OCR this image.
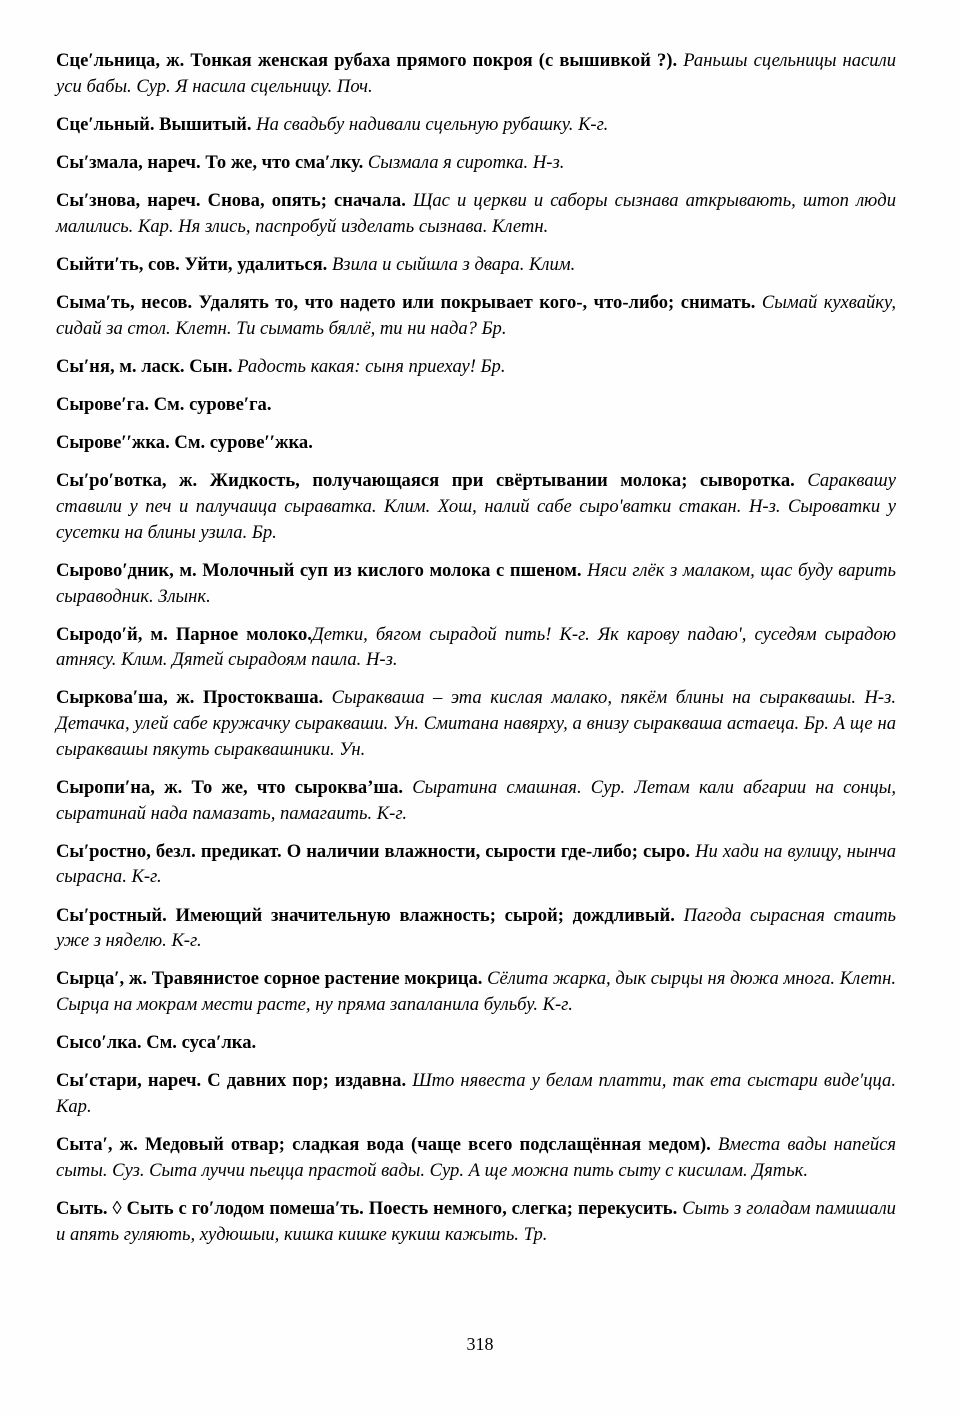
Сце′льница, ж. Тонкая женская рубаха прямого покроя (с вышивкой ?). Раньшы сцельницы насили уси бабы. Сур. Я насила сцельницу. Поч.

Сце′льный. Вышитый. На свадьбу надивали сцельную рубашку. К-г.

Сы′змала, нареч. То же, что сма′лку. Сызмала я сиротка. Н-з.

Сы′знова, нареч. Снова, опять; сначала. Щас и церкви и саборы сызнава аткрывають, штоп люди малились. Кар. Ня злись, паспробуй изделать сызнава. Клетн.

Сыйти′ть, сов. Уйти, удалиться. Взила и сыйшла з двара. Клим.

Сыма′ть, несов. Удалять то, что надето или покрывает кого-, что-либо; снимать. Сымай кухвайку, сидай за стол. Клетн. Ти сымать бяллё, ти ни нада? Бр.

Сы′ня, м. ласк. Сын. Радость какая: сыня приехау! Бр.

Сырове′га. См. сурове′га.

Сырове′′жка. См. сурове′′жка.

Сы′ро′вотка, ж. Жидкость, получающаяся при свёртывании молока; сыворотка. Сараквашу ставили у печ и палучаица сыраватка. Клим. Хош, налий сабе сыро'ватки стакан. Н-з. Сыроватки у сусетки на блины узила. Бр.

Сырово′дник, м. Молочный суп из кислого молока с пшеном. Няси глёк з малаком, щас буду варить сыраводник. Злынк.

Сыродо′й, м. Парное молоко.Детки, бягом сырадой пить! К-г. Як карову падаю', суседям сырадою атнясу. Клим. Дятей сырадоям паила. Н-з.

Сыркова′ша, ж. Простокваша. Сыракваша – эта кислая малако, пякём блины на сыраквашы. Н-з. Детачка, улей сабе кружачку сыракваши. Ун. Смитана навярху, а внизу сыракваша астаеца. Бр. А ще на сыраквашы пякуть сыраквашники. Ун.

Сыропи′на, ж. То же, что сырокваʼша. Сыратина смашная. Сур. Летам кали абгарии на сонцы, сыратинай нада памазать, памагаить. К-г.

Сы′ростно, безл. предикат. О наличии влажности, сырости где-либо; сыро. Ни хади на вулицу, нынча сырасна. К-г.

Сы′ростный. Имеющий значительную влажность; сырой; дождливый. Пагода сырасная стаить уже з няделю. К-г.

Сырца′, ж. Травянистое сорное растение мокрица. Сёлита жарка, дык сырцы ня дюжа многа. Клетн. Сырца на мокрам мести расте, ну пряма запаланила бульбу. К-г.

Сысо′лка. См. суса′лка.

Сы′стари, нареч. С давних пор; издавна. Што нявеста у белам платти, так ета сыстари виде′цца. Кар.

Сыта′, ж. Медовый отвар; сладкая вода (чаще всего подслащённая медом). Вместа вады напейся сыты. Суз. Сыта луччи пьецца прастой вады. Сур. А ще можна пить сыту с кисилам. Дятьк.

Сыть. ◊ Сыть с го′лодом помеша′ть. Поесть немного, слегка; перекусить. Сыть з голадам памишали и апять гуляють, худюшыи, кишка кишке кукиш кажыть. Тр.

318
